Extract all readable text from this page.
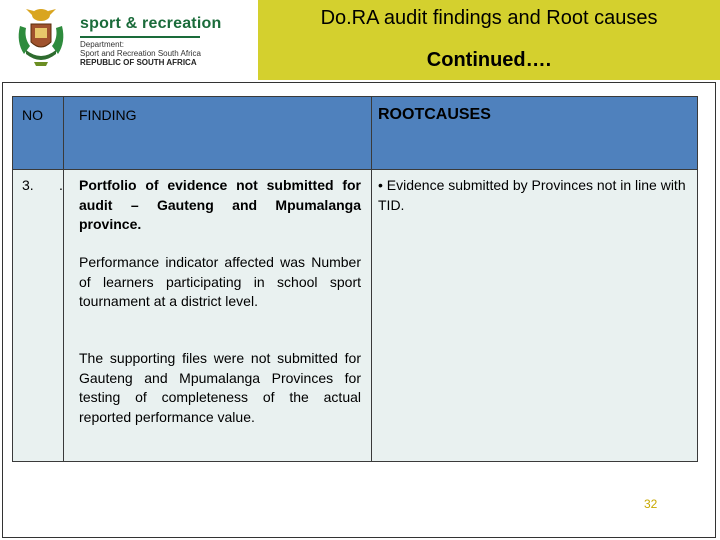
sport & recreation
Department:
Sport and Recreation South Africa
REPUBLIC OF SOUTH AFRICA
Do.RA audit findings and Root causes
Continued….
NO	FINDING	ROOTCAUSES
3. . Portfolio of evidence not submitted for audit – Gauteng and Mpumalanga province.
Performance indicator affected was Number of learners participating in school sport tournament at a district level.
The supporting files were not submitted for Gauteng and Mpumalanga Provinces for testing of completeness of the actual reported performance value.
• Evidence submitted by Provinces not in line with TID.
32
